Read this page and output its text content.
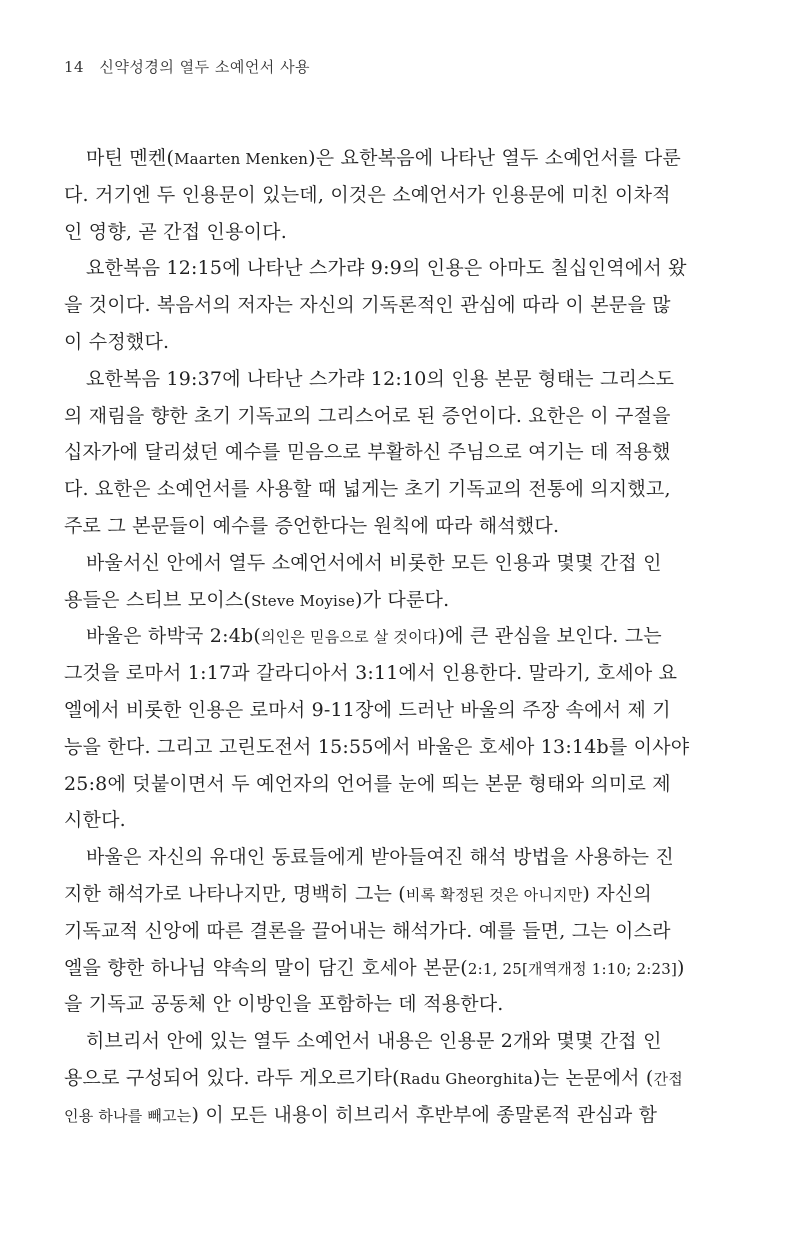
14 신약성경의 열두 소예언서 사용
마틴 멘켄(Maarten Menken)은 요한복음에 나타난 열두 소예언서를 다룬
다. 거기엔 두 인용문이 있는데, 이것은 소예언서가 인용문에 미친 이차적
인 영향, 곧 간접 인용이다.
요한복음 12:15에 나타난 스가랴 9:9의 인용은 아마도 칠십인역에서 왔
을 것이다. 복음서의 저자는 자신의 기독론적인 관심에 따라 이 본문을 많
이 수정했다.
요한복음 19:37에 나타난 스가랴 12:10의 인용 본문 형태는 그리스도
의 재림을 향한 초기 기독교의 그리스어로 된 증언이다. 요한은 이 구절을
십자가에 달리셨던 예수를 믿음으로 부활하신 주님으로 여기는 데 적용했
다. 요한은 소예언서를 사용할 때 넓게는 초기 기독교의 전통에 의지했고,
주로 그 본문들이 예수를 증언한다는 원칙에 따라 해석했다.
바울서신 안에서 열두 소예언서에서 비롯한 모든 인용과 몇몇 간접 인
용들은 스티브 모이스(Steve Moyise)가 다룬다.
바울은 하박국 2:4b(의인은 믿음으로 살 것이다)에 큰 관심을 보인다. 그는
그것을 로마서 1:17과 갈라디아서 3:11에서 인용한다. 말라기, 호세아 요
엘에서 비롯한 인용은 로마서 9-11장에 드러난 바울의 주장 속에서 제 기
능을 한다. 그리고 고린도전서 15:55에서 바울은 호세아 13:14b를 이사야
25:8에 덧붙이면서 두 예언자의 언어를 눈에 띄는 본문 형태와 의미로 제
시한다.
바울은 자신의 유대인 동료들에게 받아들여진 해석 방법을 사용하는 진
지한 해석가로 나타나지만, 명백히 그는 (비록 확정된 것은 아니지만) 자신의
기독교적 신앙에 따른 결론을 끌어내는 해석가다. 예를 들면, 그는 이스라
엘을 향한 하나님 약속의 말이 담긴 호세아 본문(2:1, 25[개역개정 1:10; 2:23])
을 기독교 공동체 안 이방인을 포함하는 데 적용한다.
히브리서 안에 있는 열두 소예언서 내용은 인용문 2개와 몇몇 간접 인
용으로 구성되어 있다. 라두 게오르기타(Radu Gheorghita)는 논문에서 (간접
인용 하나를 빼고는) 이 모든 내용이 히브리서 후반부에 종말론적 관심과 함
